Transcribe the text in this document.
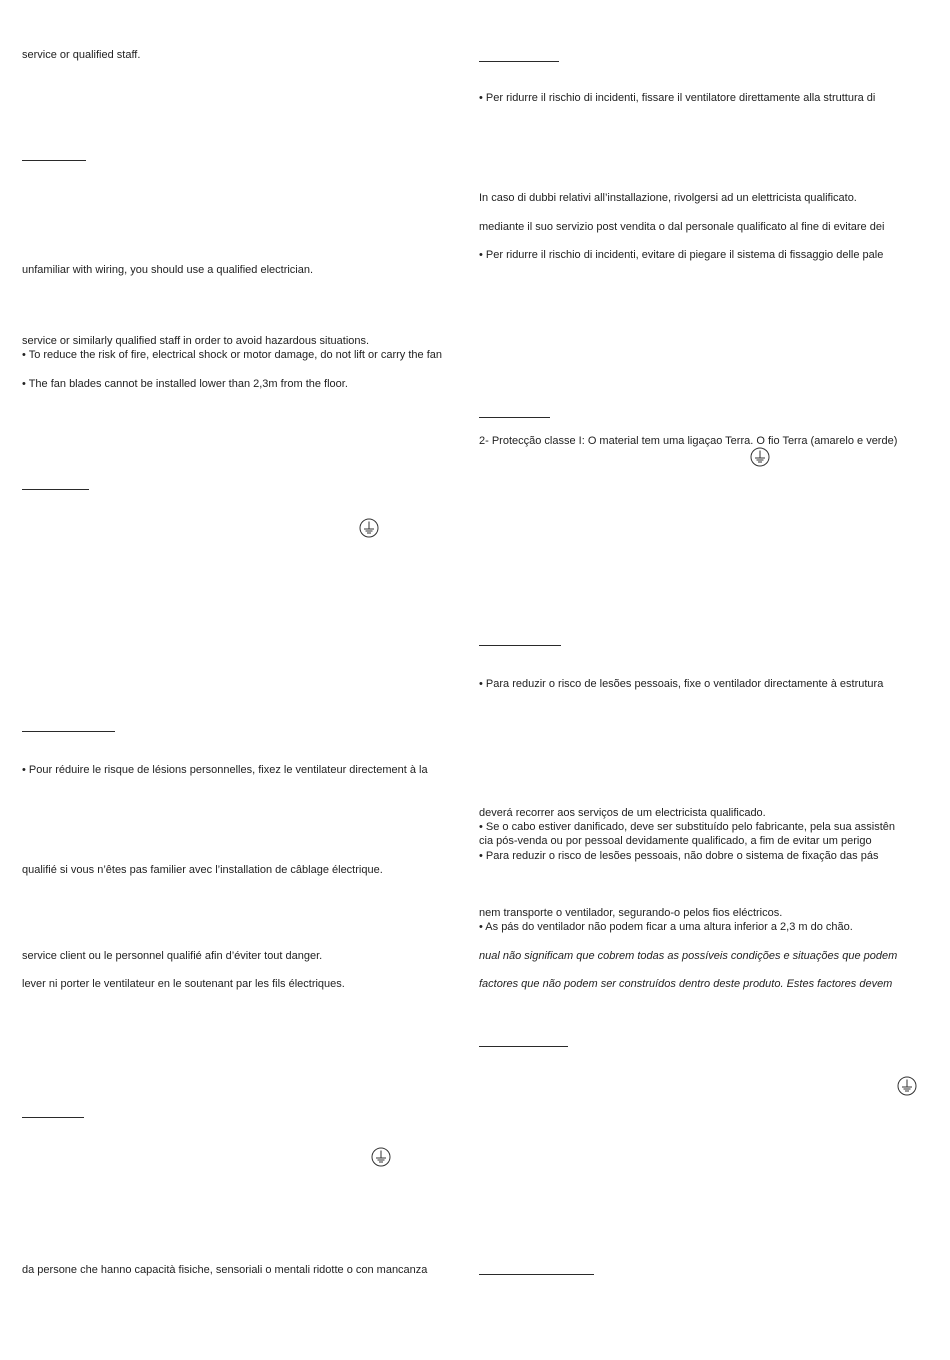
service or qualified staff.
unfamiliar with wiring, you should use a qualified electrician.
service or similarly qualified staff in order to avoid hazardous situations.
• To reduce the risk of fire, electrical shock or motor damage, do not lift or carry the fan
• The fan blades cannot be installed lower than 2,3m from the floor.
• Pour réduire le risque de lésions personnelles, fixez le ventilateur directement à la
qualifié si vous n’êtes pas familier avec l’installation de câblage électrique.
service client ou le personnel qualifié afin d’éviter tout danger.
lever ni porter le ventilateur en le soutenant par les fils électriques.
da persone che hanno capacità fisiche, sensoriali o mentali ridotte o con mancanza
• Per ridurre il rischio di incidenti, fissare il ventilatore direttamente alla struttura di
In caso di dubbi relativi all’installazione, rivolgersi ad un elettricista qualificato.
mediante il suo servizio post vendita o dal personale qualificato al fine di evitare dei
• Per ridurre il rischio di incidenti, evitare di piegare il sistema di fissaggio delle pale
2- Protecção classe I: O material tem uma ligaçao Terra. O fio Terra (amarelo e verde)
• Para reduzir o risco de lesões pessoais, fixe o ventilador directamente à estrutura
deverá recorrer aos serviços de um electricista qualificado.
• Se o cabo estiver danificado, deve ser substituído pelo fabricante, pela sua assistên
cia pós-venda ou por pessoal devidamente qualificado, a fim de evitar um perigo
• Para reduzir o risco de lesões pessoais, não dobre o sistema de fixação das pás
nem transporte o ventilador, segurando-o pelos fios eléctricos.
• As pás do ventilador não podem ficar a uma altura inferior a 2,3 m do chão.
nual não significam que cobrem todas as possíveis condições e situações que podem
factores que não podem ser construídos dentro deste produto. Estes factores devem
